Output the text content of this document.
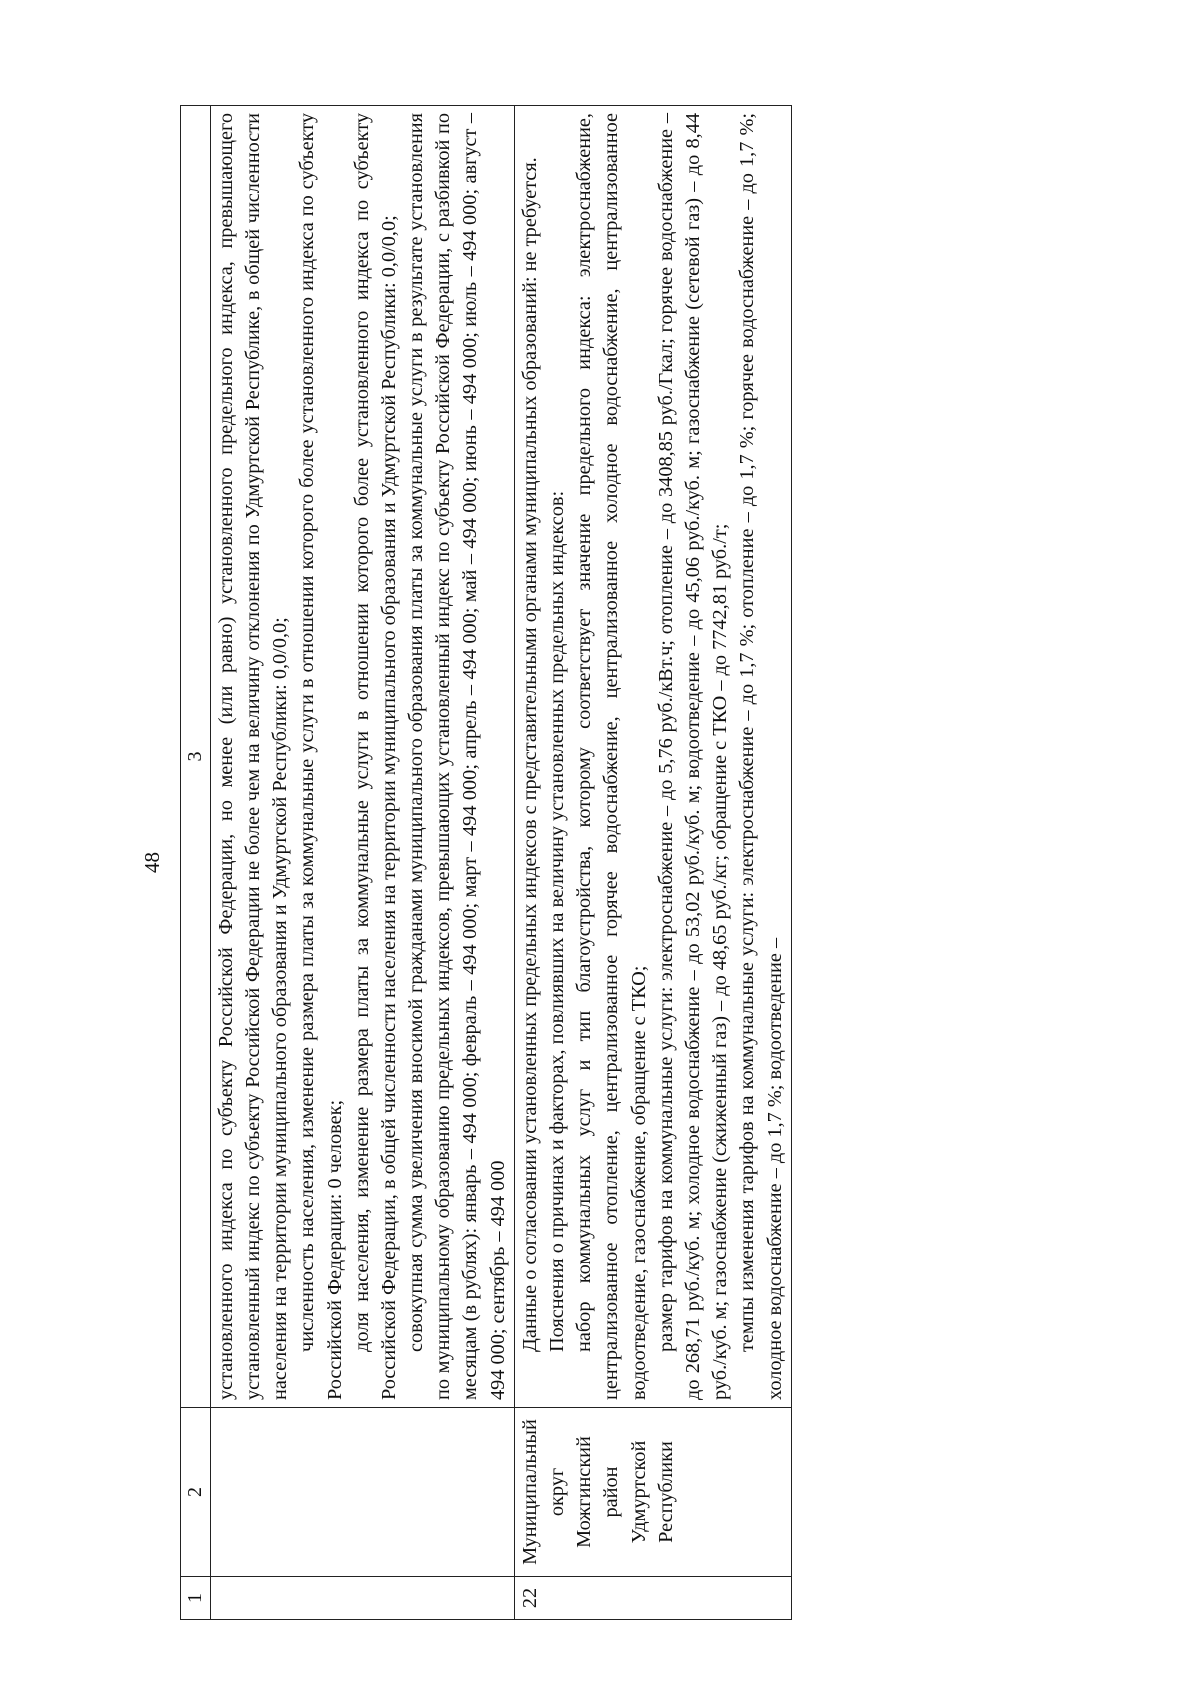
48
1	2	3

		установленного индекса по субъекту Российской Федерации, но менее (или равно) установленного предельного индекса, превышающего установленный индекс по субъекту Российской Федерации не более чем на величину отклонения по Удмуртской Республике, в общей численности населения на территории муниципального образования и Удмуртской Республики: 0,0/0,0; численность населения, изменение размера платы за коммунальные услуги в отношении которого более установленного индекса по субъекту Российской Федерации: 0 человек; доля населения, изменение размера платы за коммунальные услуги в отношении которого более установленного индекса по субъекту Российской Федерации, в общей численности населения на территории муниципального образования и Удмуртской Республики: 0,0/0,0; совокупная сумма увеличения вносимой гражданами муниципального образования платы за коммунальные услуги в результате установления по муниципальному образованию предельных индексов, превышающих установленный индекс по субъекту Российской Федерации, с разбивкой по месяцам (в рублях): январь – 494 000; февраль – 494 000; март – 494 000; апрель – 494 000; май – 494 000; июнь – 494 000; июль – 494 000; август – 494 000; сентябрь – 494 000

22	Муниципальный округ Можгинский район Удмуртской Республики	Данные о согласовании установленных предельных индексов с представительными органами муниципальных образований: не требуется. Пояснения о причинах и факторах, повлиявших на величину установленных предельных индексов: набор коммунальных услуг и тип благоустройства, которому соответствует значение предельного индекса: электроснабжение, централизованное отопление, централизованное горячее водоснабжение, централизованное холодное водоснабжение, централизованное водоотведение, газоснабжение, обращение с ТКО; размер тарифов на коммунальные услуги: электроснабжение – до 5,76 руб./кВт.ч; отопление – до 3408,85 руб./Гкал; горячее водоснабжение – до 268,71 руб./куб. м; холодное водоснабжение – до 53,02 руб./куб. м; водоотведение – до 45,06 руб./куб. м; газоснабжение (сетевой газ) – до 8,44 руб./куб. м; газоснабжение (сжиженный газ) – до 48,65 руб./кг; обращение с ТКО – до 7742,81 руб./т; темпы изменения тарифов на коммунальные услуги: электроснабжение – до 1,7 %; отопление – до 1,7 %; горячее водоснабжение – до 1,7 %; холодное водоснабжение – до 1,7 %; водоотведение –
